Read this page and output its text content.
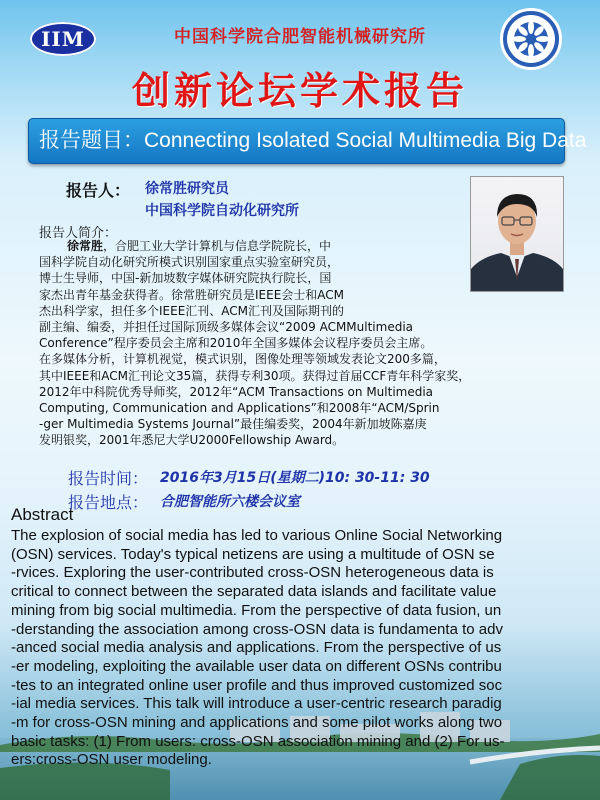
IIM	中国科学院合肥智能机械研究所
创新论坛学术报告
报告题目：Connecting Isolated Social Multimedia Big Data
报告人： 徐常胜研究员
中国科学院自动化研究所
报告人简介：
徐常胜，合肥工业大学计算机与信息学院院长，中
国科学院自动化研究所模式识别国家重点实验室研究员，
博士生导师，中国-新加坡数字媒体研究院执行院长，国
家杰出青年基金获得者。徐常胜研究员是IEEE会士和ACM
杰出科学家，担任多个IEEE汇刊、ACM汇刊及国际期刊的
副主编、编委，并担任过国际顶级多媒体会议“2009 ACMMultimedia
Conference”程序委员会主席和2010年全国多媒体会议程序委员会主席。
在多媒体分析，计算机视觉，模式识别，图像处理等领域发表论文200多篇，
其中IEEE和ACM汇刊论文35篇，获得专利30项。获得过首届CCF青年科学家奖，
2012年中科院优秀导师奖，2012年“ACM Transactions on Multimedia
Computing, Communication and Applications”和2008年“ACM/Sprin
-ger Multimedia Systems Journal”最佳编委奖，2004年新加坡陈嘉庚
发明银奖，2001年悉尼大学U2000Fellowship Award。
报告时间： 2016年3月15日(星期二)10: 30-11: 30
报告地点： 合肥智能所六楼会议室
Abstract
The explosion of social media has led to various Online Social Networking
(OSN) services. Today's typical netizens are using a multitude of OSN se
-rvices. Exploring the user-contributed cross-OSN heterogeneous data is
critical to connect between the separated data islands and facilitate value
mining from big social multimedia. From the perspective of data fusion, un
-derstanding the association among cross-OSN data is fundamenta to adv
-anced social media analysis and applications. From the perspective of us
-er modeling, exploiting the available user data on different OSNs contribu
-tes to an integrated online user profile and thus improved customized soc
-ial media services. This talk will introduce a user-centric research paradig
-m for cross-OSN mining and applications and some pilot works along two
basic tasks: (1) From users: cross-OSN association mining and (2) For us-
ers:cross-OSN user modeling.
